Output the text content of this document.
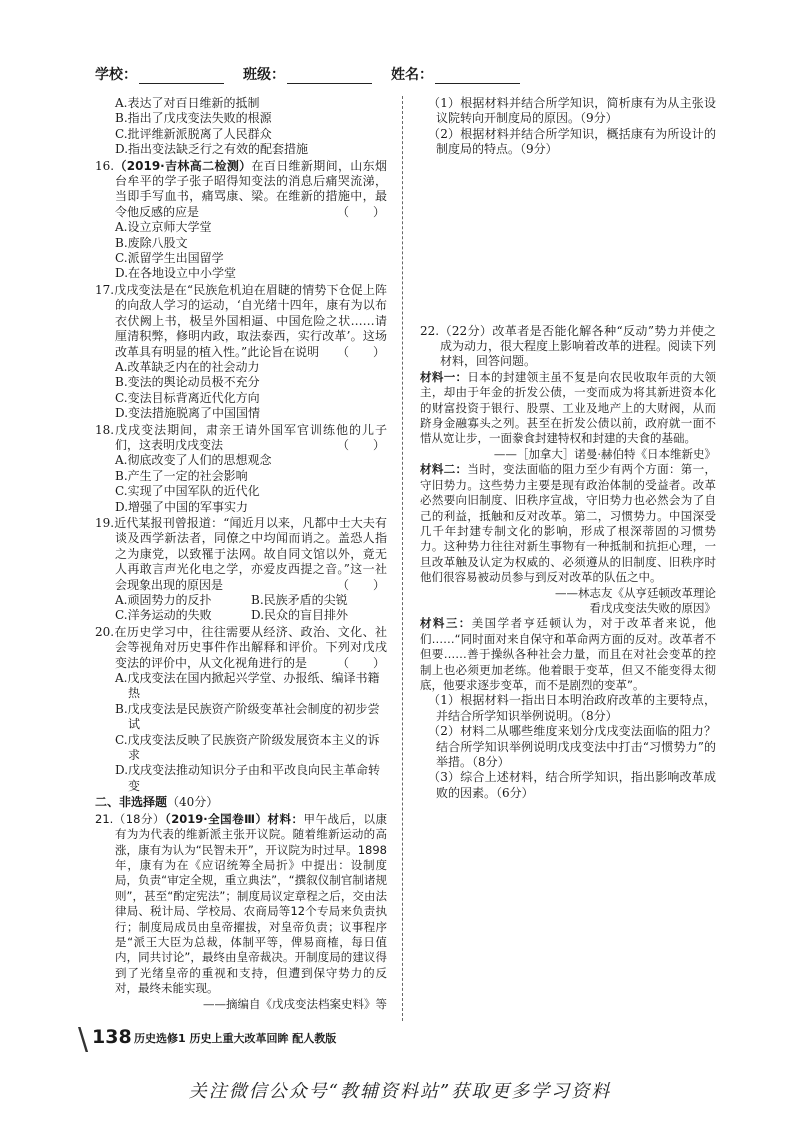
学校：	班级：	姓名：
A.表达了对百日维新的抵制
B.指出了戊戌变法失败的根源
C.批评维新派脱离了人民群众
D.指出变法缺乏行之有效的配套措施
16.（2019·吉林高二检测）在百日维新期间，山东烟台牟平的学子张子昭得知变法的消息后痛哭流涕，当即手写血书，痛骂康、梁。在维新的措施中，最令他反感的应是	（　　）
A.设立京师大学堂
B.废除八股文
C.派留学生出国留学
D.在各地设立中小学堂
17.戊戌变法是在“民族危机迫在眉睫的情势下仓促上阵的向敌人学习的运动，‘自光绪十四年，康有为以布衣伏阙上书，极呈外国相逼、中国危险之状……请厘清积弊，修明内政，取法泰西，实行改革’。这场改革具有明显的植入性。”此论旨在说明 （　　）
A.改革缺乏内在的社会动力
B.变法的舆论动员极不充分
C.变法目标背离近代化方向
D.变法措施脱离了中国国情
18.戊戌变法期间，肃亲王请外国军官训练他的儿子们，这表明戊戌变法	（　　）
A.彻底改变了人们的思想观念
B.产生了一定的社会影响
C.实现了中国军队的近代化
D.增强了中国的军事实力
19.近代某报刊曾报道：“闻近月以来，凡都中士大夫有谈及西学新法者，同僚之中均闻而诮之。盖恐人指之为康党，以致罹于法网。故自同文馆以外，竟无人再敢言声光化电之学，亦爱皮西提之音。”这一社会现象出现的原因是	（　　）
A.顽固势力的反扑	B.民族矛盾的尖锐
C.洋务运动的失败	D.民众的盲目排外
20.在历史学习中，往往需要从经济、政治、文化、社会等视角对历史事件作出解释和评价。下列对戊戌变法的评价中，从文化视角进行的是 （　　）
A.戊戌变法在国内掀起兴学堂、办报纸、编译书籍热
B.戊戌变法是民族资产阶级变革社会制度的初步尝试
C.戊戌变法反映了民族资产阶级发展资本主义的诉求
D.戊戌变法推动知识分子由和平改良向民主革命转变
二、非选择题（40分）
21.（18分）（2019·全国卷Ⅲ）材料：甲午战后，以康有为为代表的维新派主张开议院。随着维新运动的高涨，康有为认为“民智未开”，开议院为时过早。1898年，康有为在《应诏统筹全局折》中提出：设制度局，负责“审定全规，重立典法”，“撰叙仪制官制诸规则”，甚至“酌定宪法”；制度局议定章程之后，交由法律局、税计局、学校局、农商局等12个专局来负责执行；制度局成员由皇帝擢拔，对皇帝负责；议事程序是“派王大臣为总裁，体制平等，俾易商榷，每日值内，同共讨论”，最终由皇帝裁决。开制度局的建议得到了光绪皇帝的重视和支持，但遭到保守势力的反对，最终未能实现。
——摘编自《戊戌变法档案史料》等
（1）根据材料并结合所学知识，简析康有为从主张设议院转向开制度局的原因。（9分）
（2）根据材料并结合所学知识，概括康有为所设计的制度局的特点。（9分）
22.（22分）改革者是否能化解各种“反动”势力并使之成为动力，很大程度上影响着改革的进程。阅读下列材料，回答问题。
材料一：日本的封建领主虽不复是向农民收取年贡的大领主，却由于年金的折发公债，一变而成为将其新进资本化的财富投资于银行、股票、工业及地产上的大财阀，从而跻身金融寡头之列。甚至在折发公债以前，政府就一面不惜从宽让步，一面豢食封建特权和封建的夫食的基础。
——［加拿大］诺曼·赫伯特《日本维新史》
材料二：当时，变法面临的阻力至少有两个方面：第一，守旧势力。这些势力主要是现有政治体制的受益者。改革必然要向旧制度、旧秩序宣战，守旧势力也必然会为了自己的利益，抵触和反对改革。第二，习惯势力。中国深受几千年封建专制文化的影响，形成了根深蒂固的习惯势力。这种势力往往对新生事物有一种抵制和抗拒心理，一旦改革触及认定为权威的、必须遵从的旧制度、旧秩序时他们很容易被动员参与到反对改革的队伍之中。
——林志友《从亨廷顿改革理论
看戊戌变法失败的原因》
材料三：美国学者亨廷顿认为，对于改革者来说，他们……“同时面对来自保守和革命两方面的反对。改革者不但要……善于操纵各种社会力量，而且在对社会变革的控制上也必须更加老练。他着眼于变革，但又不能变得太彻底，他要求逐步变革，而不是剧烈的变革”。
（1）根据材料一指出日本明治政府改革的主要特点，并结合所学知识举例说明。（8分）
（2）材料二从哪些维度来划分戊戌变法面临的阻力？结合所学知识举例说明戊戌变法中打击“习惯势力”的举措。（8分）
（3）综合上述材料，结合所学知识，指出影响改革成败的因素。（6分）
\ 138 历史选修1 历史上重大改革回眸 配人教版
关注微信公众号“教辅资料站”获取更多学习资料
